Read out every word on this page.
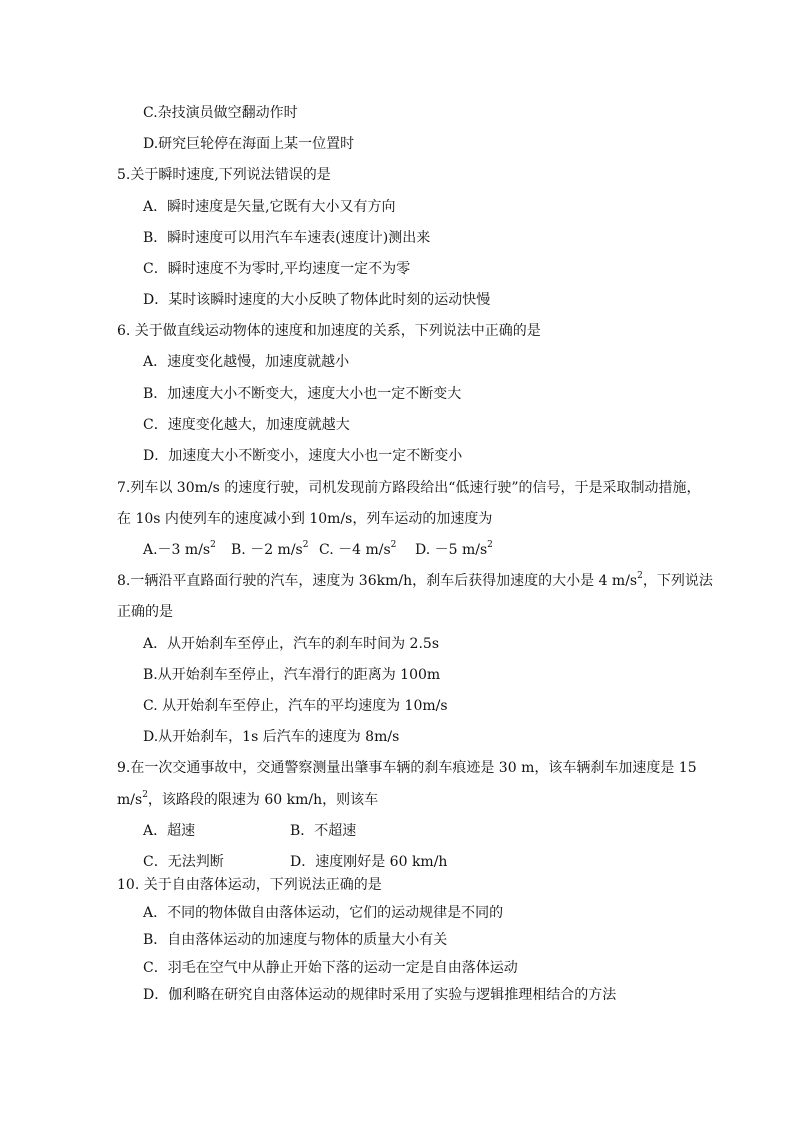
C.杂技演员做空翻动作时
D.研究巨轮停在海面上某一位置时
5.关于瞬时速度,下列说法错误的是
A．瞬时速度是矢量,它既有大小又有方向
B．瞬时速度可以用汽车车速表(速度计)测出来
C．瞬时速度不为零时,平均速度一定不为零
D．某时该瞬时速度的大小反映了物体此时刻的运动快慢
6. 关于做直线运动物体的速度和加速度的关系，下列说法中正确的是
A．速度变化越慢，加速度就越小
B．加速度大小不断变大，速度大小也一定不断变大
C．速度变化越大，加速度就越大
D．加速度大小不断变小，速度大小也一定不断变小
7.列车以 30m/s 的速度行驶，司机发现前方路段给出“低速行驶”的信号，于是采取制动措施，
在 10s 内使列车的速度减小到 10m/s，列车运动的加速度为
A.－3 $m/s^2$ B. －2 $m/s^2$ C. －4 $m/s^2$ D. －5 $m/s^2$
8.一辆沿平直路面行驶的汽车，速度为 36km/h，刹车后获得加速度的大小是 4 $m/s^2$，下列说法
正确的是
A．从开始刹车至停止，汽车的刹车时间为 2.5s
B.从开始刹车至停止，汽车滑行的距离为 100m
C. 从开始刹车至停止，汽车的平均速度为 10m/s
D.从开始刹车，1s 后汽车的速度为 8m/s
9.在一次交通事故中，交通警察测量出肇事车辆的刹车痕迹是 30 m，该车辆刹车加速度是 15
$m/s^2$，该路段的限速为 60 km/h，则该车
A．超速	B．不超速
C．无法判断	D．速度刚好是 60 km/h
10. 关于自由落体运动，下列说法正确的是
A．不同的物体做自由落体运动，它们的运动规律是不同的
B．自由落体运动的加速度与物体的质量大小有关
C．羽毛在空气中从静止开始下落的运动一定是自由落体运动
D．伽利略在研究自由落体运动的规律时采用了实验与逻辑推理相结合的方法
